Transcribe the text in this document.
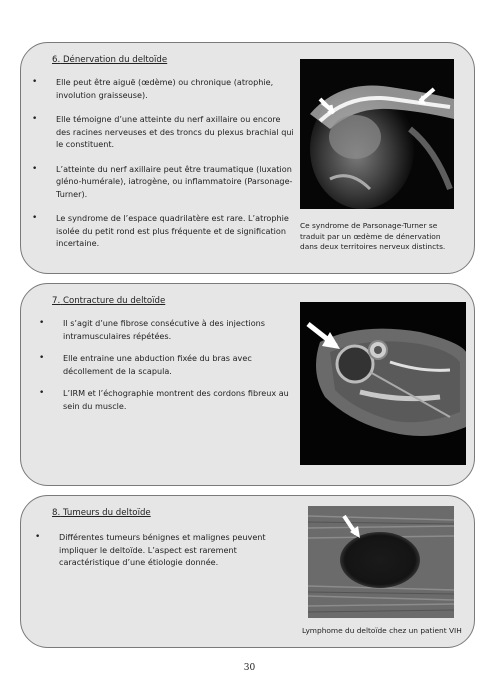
6. Dénervation du deltoïde
• Elle peut être aiguë (œdème) ou chronique (atrophie, involution graisseuse).
• Elle témoigne d’une atteinte du nerf axillaire ou encore des racines nerveuses et des troncs du plexus brachial qui le constituent.
• L’atteinte du nerf axillaire peut être traumatique (luxation gléno-humérale), iatrogène, ou inflammatoire (Parsonage-Turner).
• Le syndrome de l’espace quadrilatère est rare. L’atrophie isolée du petit rond est plus fréquente et de signification incertaine.
Ce syndrome de Parsonage-Turner se traduit par un œdème de dénervation dans deux territoires nerveux distincts.
7. Contracture du deltoïde
• Il s’agit d’une fibrose consécutive à des injections intramusculaires répétées.
• Elle entraine une abduction fixée du bras avec décollement de la scapula.
• L’IRM et l’échographie montrent des cordons fibreux au sein du muscle.
8. Tumeurs du deltoïde
• Différentes tumeurs bénignes et malignes peuvent impliquer le deltoïde. L’aspect est rarement caractéristique d’une étiologie donnée.
Lymphome du deltoïde chez un patient VIH
30
